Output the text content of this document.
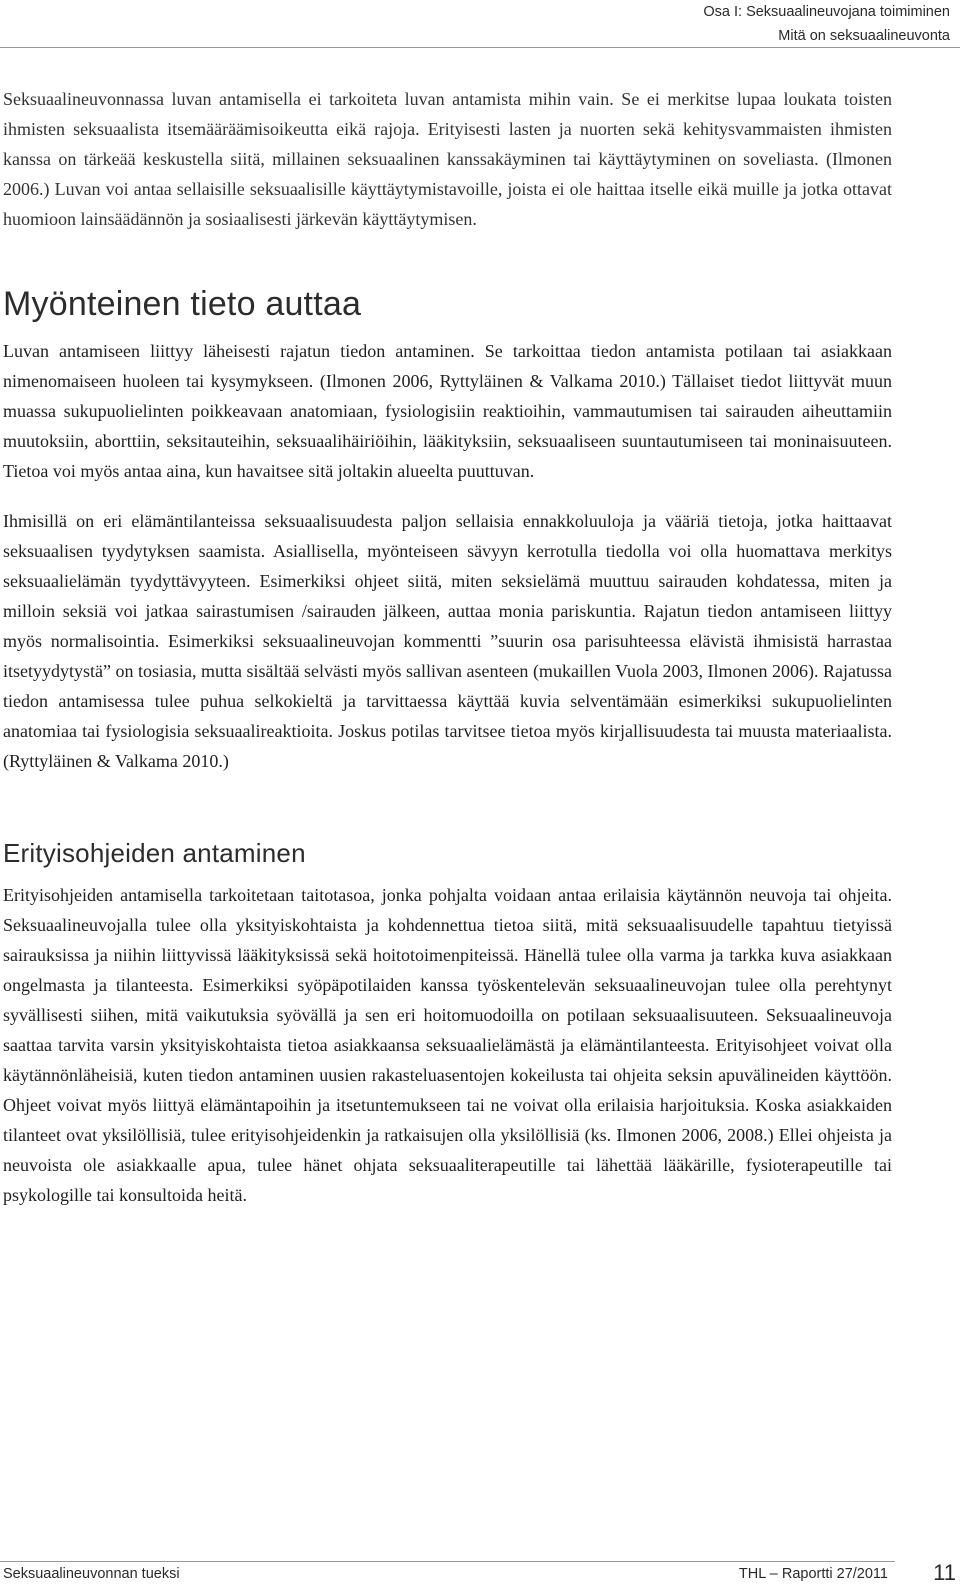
Osa I: Seksuaalineuvojana toimiminen
Mitä on seksuaalineuvonta

Seksuaalineuvonnassa luvan antamisella ei tarkoiteta luvan antamista mihin vain. Se ei merkitse lupaa loukata toisten ihmisten seksuaalista itsemääräämisoikeutta eikä rajoja. Erityisesti lasten ja nuorten sekä kehitysvammaisten ihmisten kanssa on tärkeää keskustella siitä, millainen seksuaalinen kanssakäyminen tai käyttäytyminen on soveliasta. (Ilmonen 2006.) Luvan voi antaa sellaisille seksuaalisille käyttäytymistavoille, joista ei ole haittaa itselle eikä muille ja jotka ottavat huomioon lainsäädännön ja sosiaalisesti järkevän käyttäytymisen.

Myönteinen tieto auttaa

Luvan antamiseen liittyy läheisesti rajatun tiedon antaminen. Se tarkoittaa tiedon antamista potilaan tai asiakkaan nimenomaiseen huoleen tai kysymykseen. (Ilmonen 2006, Ryttyläinen & Valkama 2010.) Tällaiset tiedot liittyvät muun muassa sukupuolielinten poikkeavaan anatomiaan, fysiologisiin reaktioihin, vammautumisen tai sairauden aiheuttamiin muutoksiin, aborttiin, seksitauteihin, seksuaalihäiriöihin, lääkityksiin, seksuaaliseen suuntautumiseen tai moninaisuuteen. Tietoa voi myös antaa aina, kun havaitsee sitä joltakin alueelta puuttuvan.

Ihmisillä on eri elämäntilanteissa seksuaalisuudesta paljon sellaisia ennakkoluuloja ja vääriä tietoja, jotka haittaavat seksuaalisen tyydytyksen saamista. Asiallisella, myönteiseen sävyyn kerrotulla tiedolla voi olla huomattava merkitys seksuaalielämän tyydyttävyyteen. Esimerkiksi ohjeet siitä, miten seksielämä muuttuu sairauden kohdatessa, miten ja milloin seksiä voi jatkaa sairastumisen /sairauden jälkeen, auttaa monia pariskuntia. Rajatun tiedon antamiseen liittyy myös normalisointia. Esimerkiksi seksuaalineuvojan kommentti ”suurin osa parisuhteessa elävistä ihmisistä harrastaa itsetyydytystä” on tosiasia, mutta sisältää selvästi myös sallivan asenteen (mukaillen Vuola 2003, Ilmonen 2006). Rajatussa tiedon antamisessa tulee puhua selkokieltä ja tarvittaessa käyttää kuvia selventämään esimerkiksi sukupuolielinten anatomiaa tai fysiologisia seksuaalireaktioita. Joskus potilas tarvitsee tietoa myös kirjallisuudesta tai muusta materiaalista. (Ryttyläinen & Valkama 2010.)

Erityisohjeiden antaminen

Erityisohjeiden antamisella tarkoitetaan taitotasoa, jonka pohjalta voidaan antaa erilaisia käytännön neuvoja tai ohjeita. Seksuaalineuvojalla tulee olla yksityiskohtaista ja kohdennettua tietoa siitä, mitä seksuaalisuudelle tapahtuu tietyissä sairauksissa ja niihin liittyvissä lääkityksissä sekä hoitotoimenpiteissä. Hänellä tulee olla varma ja tarkka kuva asiakkaan ongelmasta ja tilanteesta. Esimerkiksi syöpäpotilaiden kanssa työskentelevän seksuaalineuvojan tulee olla perehtynyt syvällisesti siihen, mitä vaikutuksia syövällä ja sen eri hoitomuodoilla on potilaan seksuaalisuuteen. Seksuaalineuvoja saattaa tarvita varsin yksityiskohtaista tietoa asiakkaansa seksuaalielämästä ja elämäntilanteesta. Erityisohjeet voivat olla käytännönläheisiä, kuten tiedon antaminen uusien rakasteluasentojen kokeilusta tai ohjeita seksin apuvälineiden käyttöön. Ohjeet voivat myös liittyä elämäntapoihin ja itsetuntemukseen tai ne voivat olla erilaisia harjoituksia. Koska asiakkaiden tilanteet ovat yksilöllisiä, tulee erityisohjeidenkin ja ratkaisujen olla yksilöllisiä (ks. Ilmonen 2006, 2008.) Ellei ohjeista ja neuvoista ole asiakkaalle apua, tulee hänet ohjata seksuaaliterapeutille tai lähettää lääkärille, fysioterapeutille tai psykologille tai konsultoida heitä.

Seksuaalineuvonnan tueksi	THL – Raportti 27/2011 11
